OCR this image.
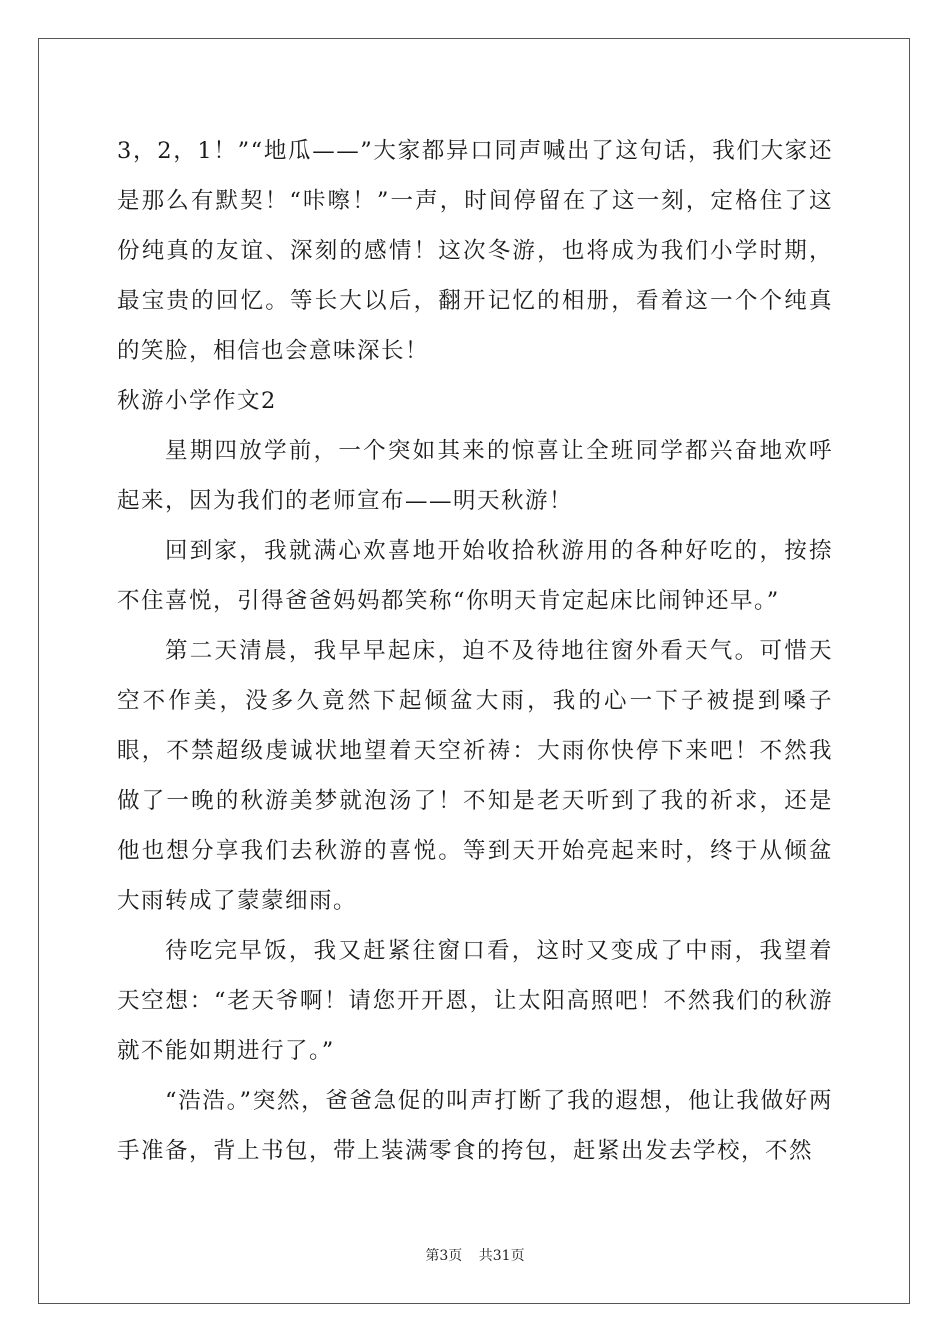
3，2，1！”“地瓜——”大家都异口同声喊出了这句话，我们大家还是那么有默契！“咔嚓！”一声，时间停留在了这一刻，定格住了这份纯真的友谊、深刻的感情！这次冬游，也将成为我们小学时期，最宝贵的回忆。等长大以后，翻开记忆的相册，看着这一个个纯真的笑脸，相信也会意味深长！

秋游小学作文2

星期四放学前，一个突如其来的惊喜让全班同学都兴奋地欢呼起来，因为我们的老师宣布——明天秋游！

回到家，我就满心欢喜地开始收拾秋游用的各种好吃的，按捺不住喜悦，引得爸爸妈妈都笑称“你明天肯定起床比闹钟还早。”

第二天清晨，我早早起床，迫不及待地往窗外看天气。可惜天空不作美，没多久竟然下起倾盆大雨，我的心一下子被提到嗓子眼，不禁超级虔诚状地望着天空祈祷：大雨你快停下来吧！不然我做了一晚的秋游美梦就泡汤了！不知是老天听到了我的祈求，还是他也想分享我们去秋游的喜悦。等到天开始亮起来时，终于从倾盆大雨转成了蒙蒙细雨。

待吃完早饭，我又赶紧往窗口看，这时又变成了中雨，我望着天空想：“老天爷啊！请您开开恩，让太阳高照吧！不然我们的秋游就不能如期进行了。”

“浩浩。”突然，爸爸急促的叫声打断了我的遐想，他让我做好两手准备，背上书包，带上装满零食的挎包，赶紧出发去学校，不然

第3页 共31页
